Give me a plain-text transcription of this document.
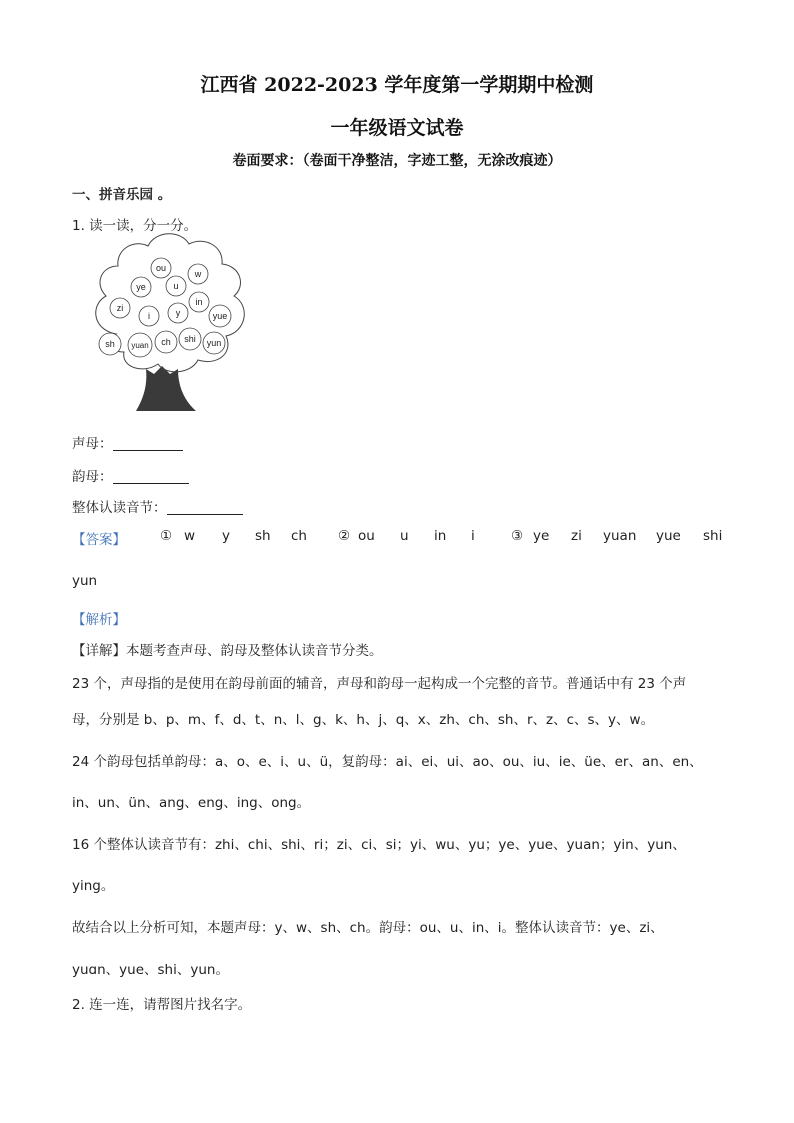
江西省 2022-2023 学年度第一学期期中检测
一年级语文试卷
卷面要求：（卷面干净整洁，字迹工整，无涂改痕迹）
一、拼音乐园 。
1. 读一读，分一分。
ou
w
ye	u
in
zi
i	y	yue
sh yuan ch shi yun
声母：
韵母：
整体认读音节：
【答案】	① w y sh ch ② ou u in i	③ ye zi yuan yue shi
yun
【解析】
【详解】本题考查声母、韵母及整体认读音节分类。
23 个，声母指的是使用在韵母前面的辅音，声母和韵母一起构成一个完整的音节。普通话中有 23 个声
母，分别是 b、p、m、f、d、t、n、l、g、k、h、j、q、x、zh、ch、sh、r、z、c、s、y、w。
24 个韵母包括单韵母：a、o、e、i、u、ü，复韵母：ai、ei、ui、ao、ou、iu、ie、üe、er、an、en、
in、un、ün、ang、eng、ing、ong。
16 个整体认读音节有：zhi、chi、shi、ri；zi、ci、si；yi、wu、yu；ye、yue、yuan；yin、yun、
ying。
故结合以上分析可知，本题声母：y、w、sh、ch。韵母：ou、u、in、i。整体认读音节：ye、zi、
yuɑn、yue、shi、yun。
2. 连一连，请帮图片找名字。
